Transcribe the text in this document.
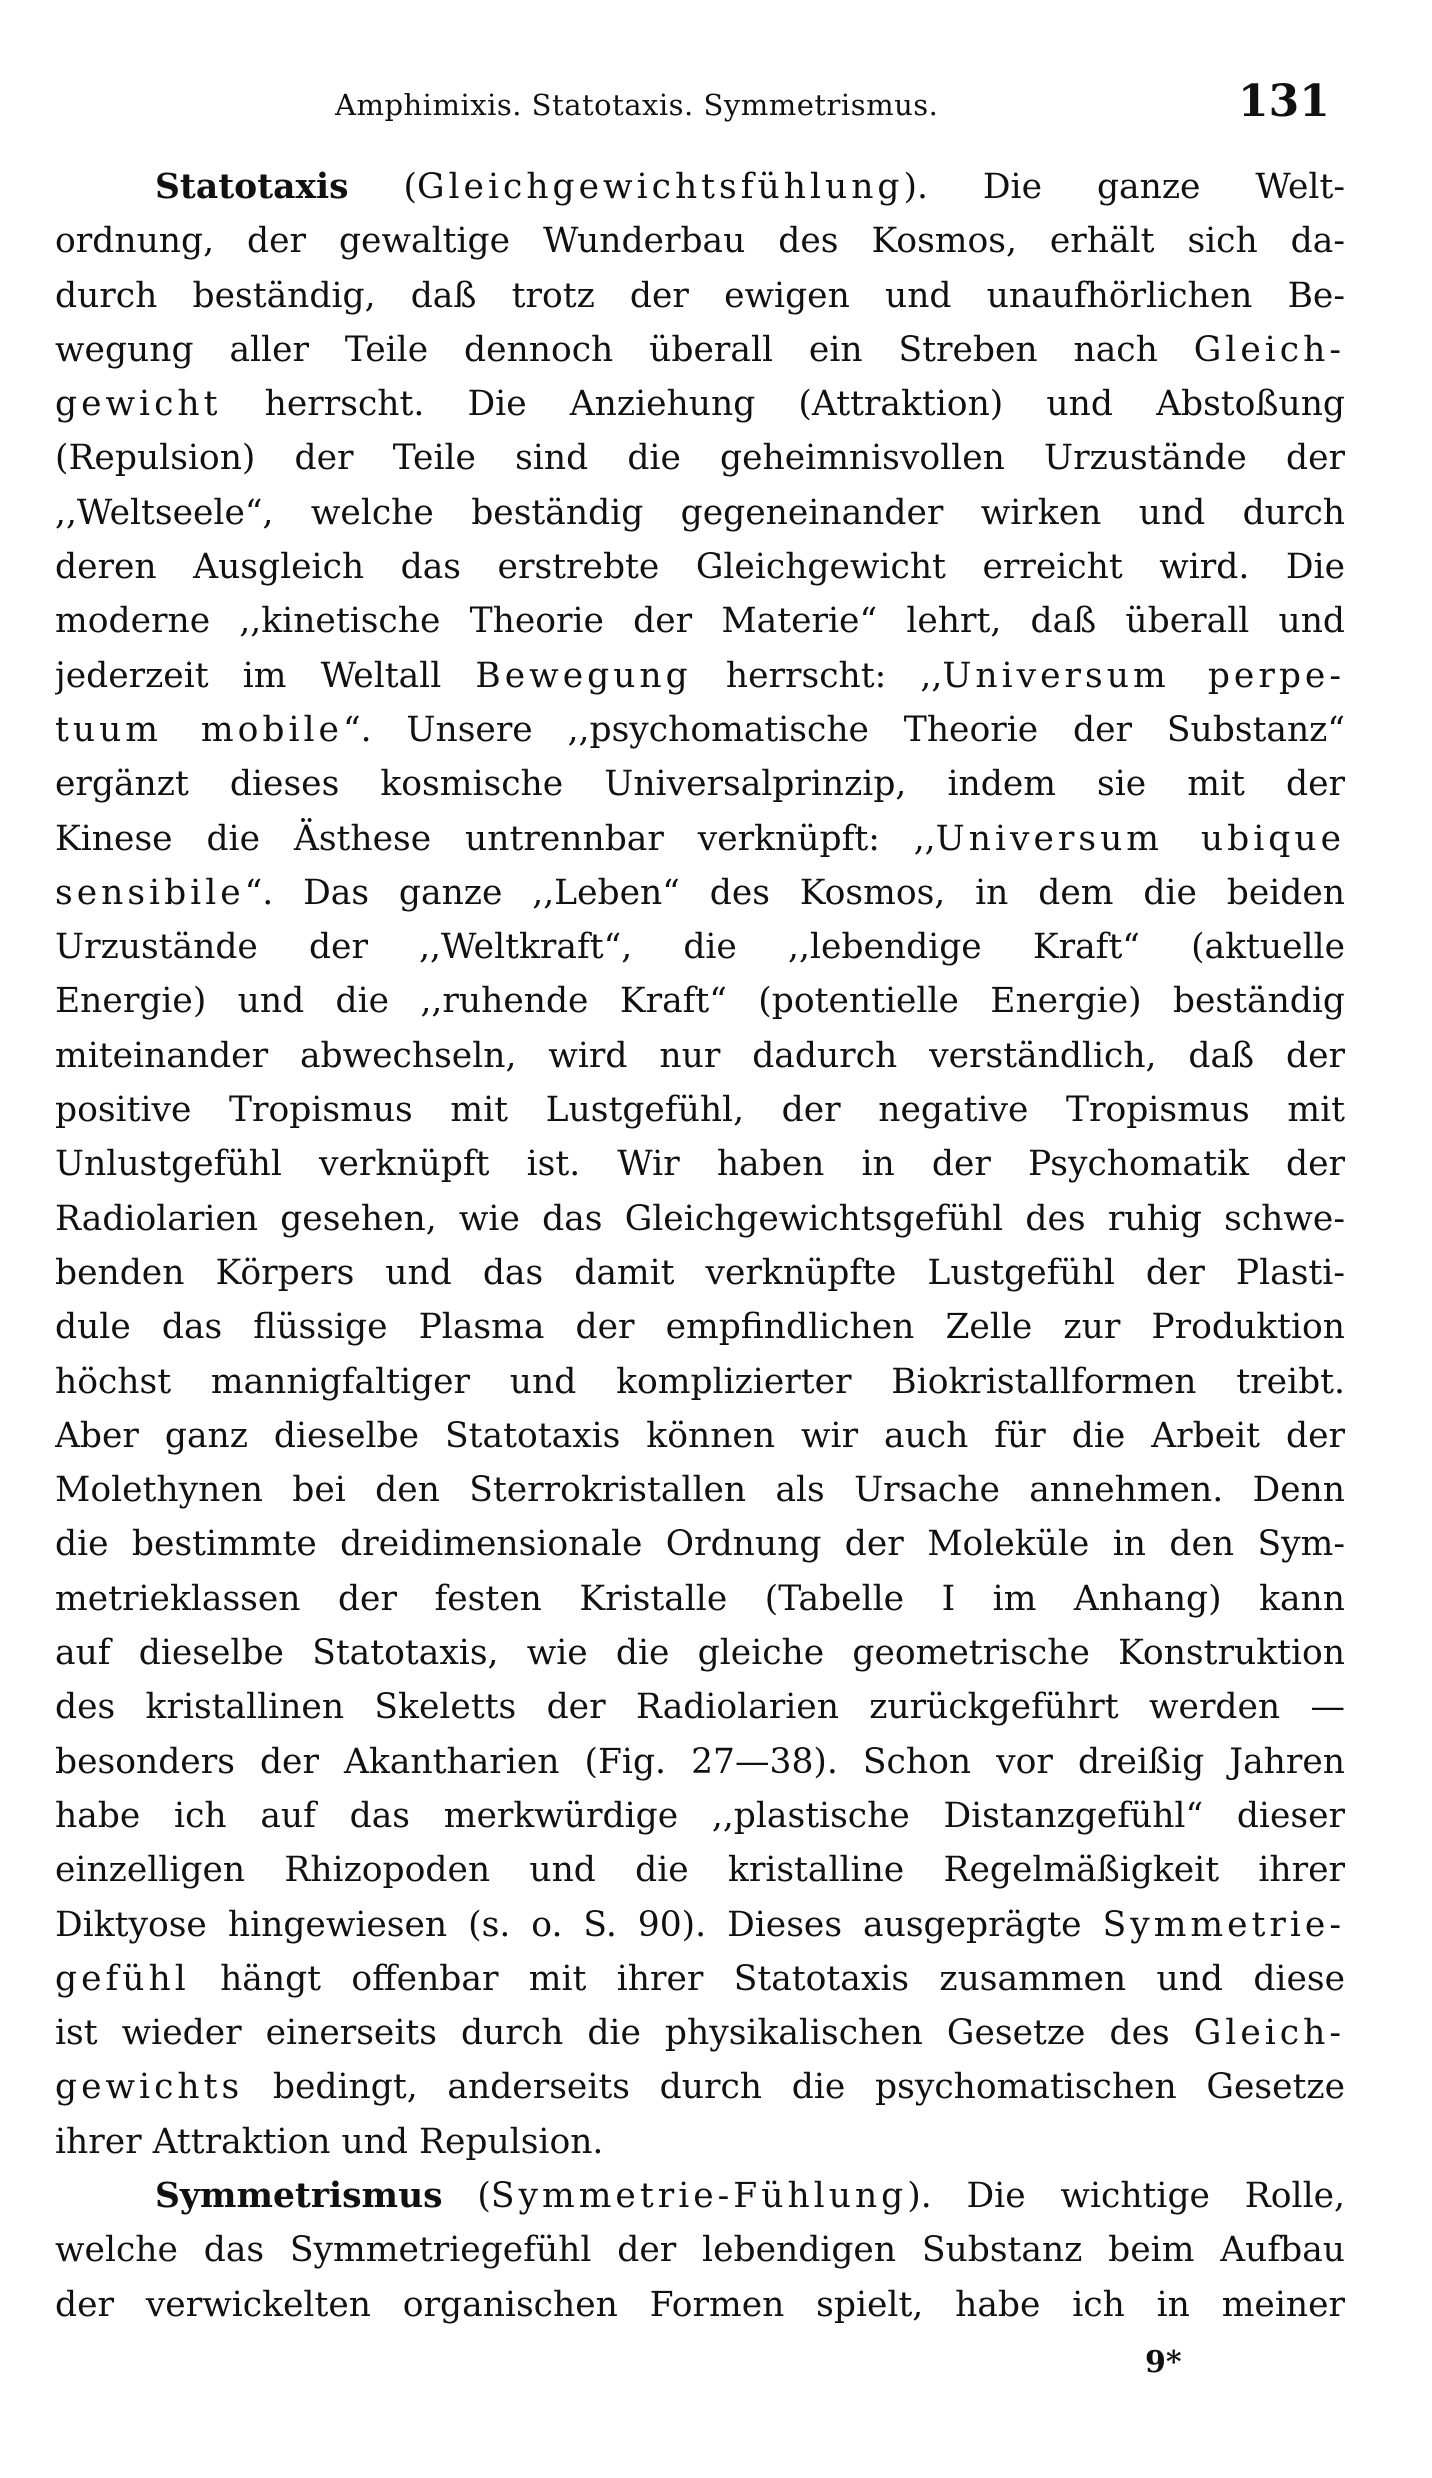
Amphimixis. Statotaxis. Symmetrismus.	131
Statotaxis (Gleichgewichtsfühlung). Die ganze Welt-
ordnung, der gewaltige Wunderbau des Kosmos, erhält sich da-
durch beständig, daß trotz der ewigen und unaufhörlichen Be-
wegung aller Teile dennoch überall ein Streben nach Gleich-
gewicht herrscht. Die Anziehung (Attraktion) und Abstoßung
(Repulsion) der Teile sind die geheimnisvollen Urzustände der
,,Weltseele“, welche beständig gegeneinander wirken und durch
deren Ausgleich das erstrebte Gleichgewicht erreicht wird. Die
moderne ,,kinetische Theorie der Materie“ lehrt, daß überall und
jederzeit im Weltall Bewegung herrscht: ,,Universum perpe-
tuum mobile“. Unsere ,,psychomatische Theorie der Substanz“
ergänzt dieses kosmische Universalprinzip, indem sie mit der
Kinese die Ästhese untrennbar verknüpft: ,,Universum ubique
sensibile“. Das ganze ,,Leben“ des Kosmos, in dem die beiden
Urzustände der ,,Weltkraft“, die ,,lebendige Kraft“ (aktuelle
Energie) und die ,,ruhende Kraft“ (potentielle Energie) beständig
miteinander abwechseln, wird nur dadurch verständlich, daß der
positive Tropismus mit Lustgefühl, der negative Tropismus mit
Unlustgefühl verknüpft ist. Wir haben in der Psychomatik der
Radiolarien gesehen, wie das Gleichgewichtsgefühl des ruhig schwe-
benden Körpers und das damit verknüpfte Lustgefühl der Plasti-
dule das flüssige Plasma der empfindlichen Zelle zur Produktion
höchst mannigfaltiger und komplizierter Biokristallformen treibt.
Aber ganz dieselbe Statotaxis können wir auch für die Arbeit der
Molethynen bei den Sterrokristallen als Ursache annehmen. Denn
die bestimmte dreidimensionale Ordnung der Moleküle in den Sym-
metrieklassen der festen Kristalle (Tabelle I im Anhang) kann
auf dieselbe Statotaxis, wie die gleiche geometrische Konstruktion
des kristallinen Skeletts der Radiolarien zurückgeführt werden —
besonders der Akantharien (Fig. 27—38). Schon vor dreißig Jahren
habe ich auf das merkwürdige ,,plastische Distanzgefühl“ dieser
einzelligen Rhizopoden und die kristalline Regelmäßigkeit ihrer
Diktyose hingewiesen (s. o. S. 90). Dieses ausgeprägte Symmetrie-
gefühl hängt offenbar mit ihrer Statotaxis zusammen und diese
ist wieder einerseits durch die physikalischen Gesetze des Gleich-
gewichts bedingt, anderseits durch die psychomatischen Gesetze
ihrer Attraktion und Repulsion.
Symmetrismus (Symmetrie-Fühlung). Die wichtige Rolle,
welche das Symmetriegefühl der lebendigen Substanz beim Aufbau
der verwickelten organischen Formen spielt, habe ich in meiner
9*
